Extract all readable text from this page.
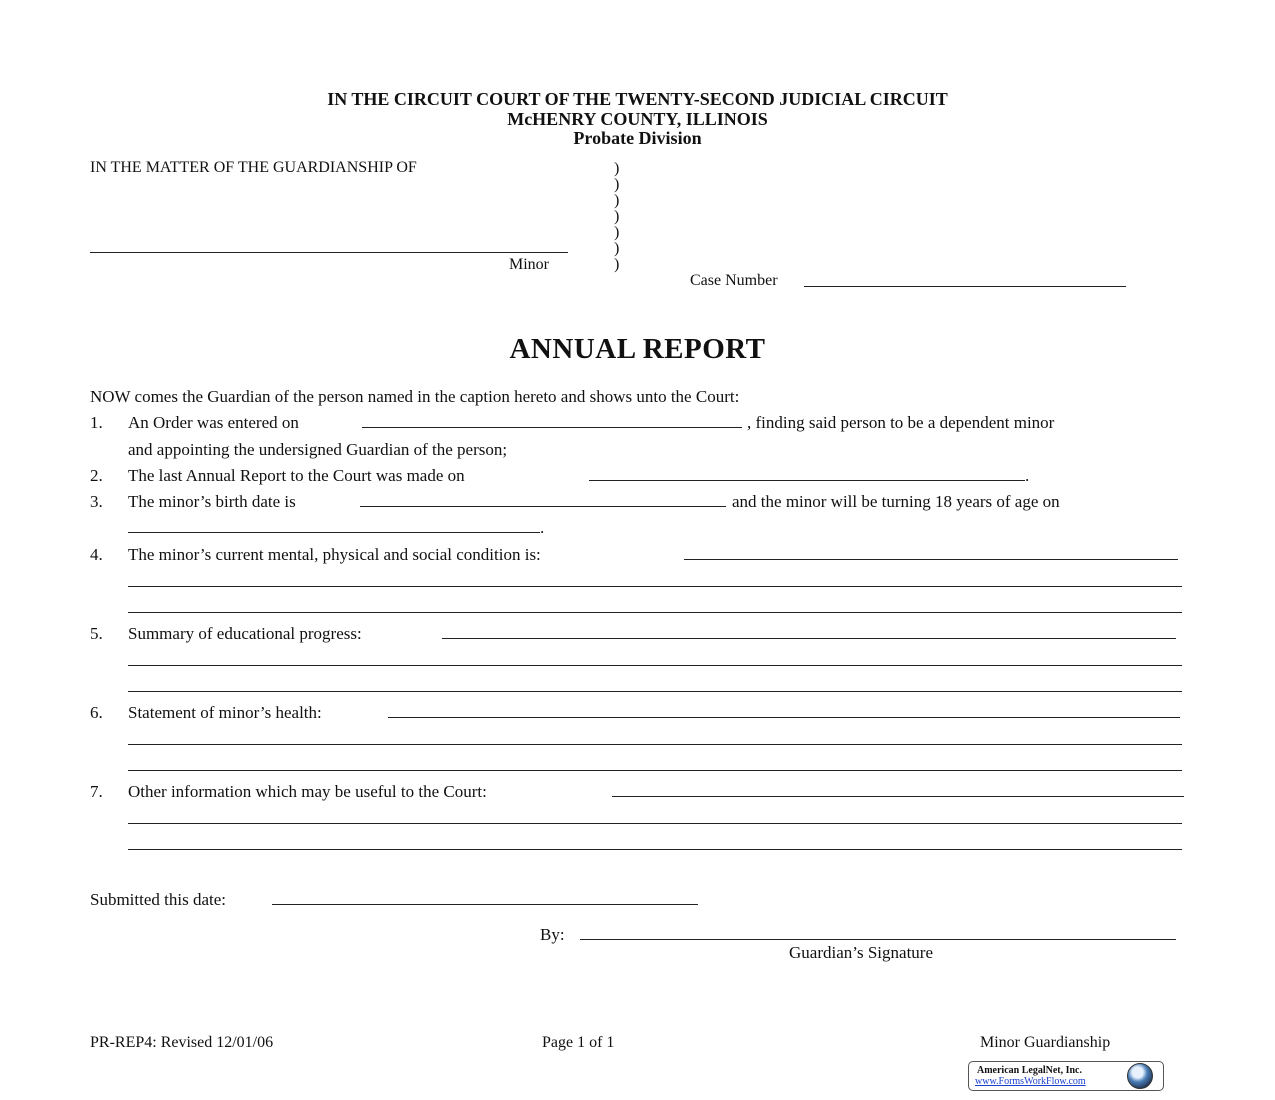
IN THE CIRCUIT COURT OF THE TWENTY-SECOND JUDICIAL CIRCUIT
McHENRY COUNTY, ILLINOIS
Probate Division
IN THE MATTER OF THE GUARDIANSHIP OF	)
)
)
)
)
)
)
Minor
Case Number
ANNUAL REPORT
NOW comes the Guardian of the person named in the caption hereto and shows unto the Court:
1. An Order was entered on	, finding said person to be a dependent minor
and appointing the undersigned Guardian of the person;
2. The last Annual Report to the Court was made on	.
3. The minor’s birth date is	and the minor will be turning 18 years of age on
.
4. The minor’s current mental, physical and social condition is:
5. Summary of educational progress:
6. Statement of minor’s health:
7. Other information which may be useful to the Court:
Submitted this date:
By:
Guardian’s Signature
PR-REP4: Revised 12/01/06	Page 1 of 1	Minor Guardianship
American LegalNet, Inc.
www.FormsWorkFlow.com
